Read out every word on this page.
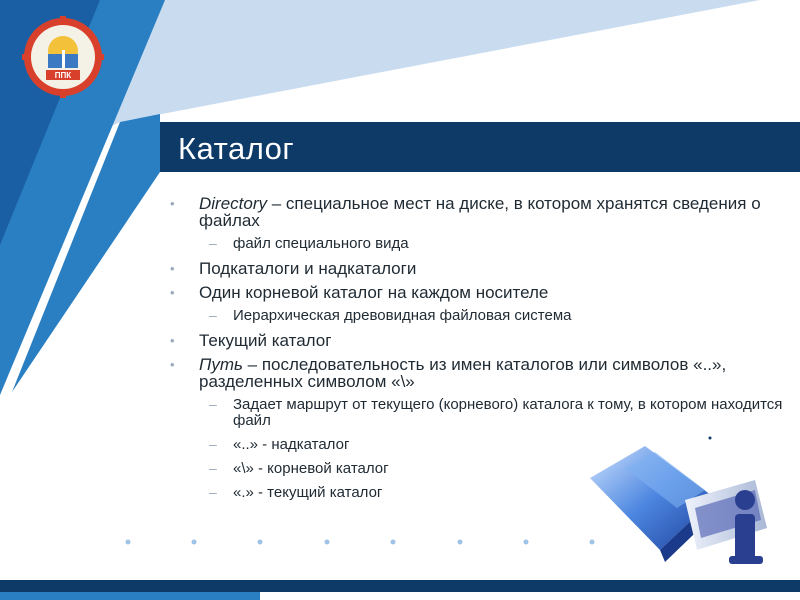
ППК
Каталог
• Directory – специальное мест на диске, в котором хранятся сведения о файлах
– файл специального вида
• Подкаталоги и надкаталоги
• Один корневой каталог на каждом носителе
– Иерархическая древовидная файловая система
• Текущий каталог
• Путь – последовательность из имен каталогов или символов «..», разделенных символом «\»
– Задает маршрут от текущего (корневого) каталога к тому, в котором находится файл
– «..» - надкаталог
– «\» - корневой каталог
– «.» - текущий каталог
